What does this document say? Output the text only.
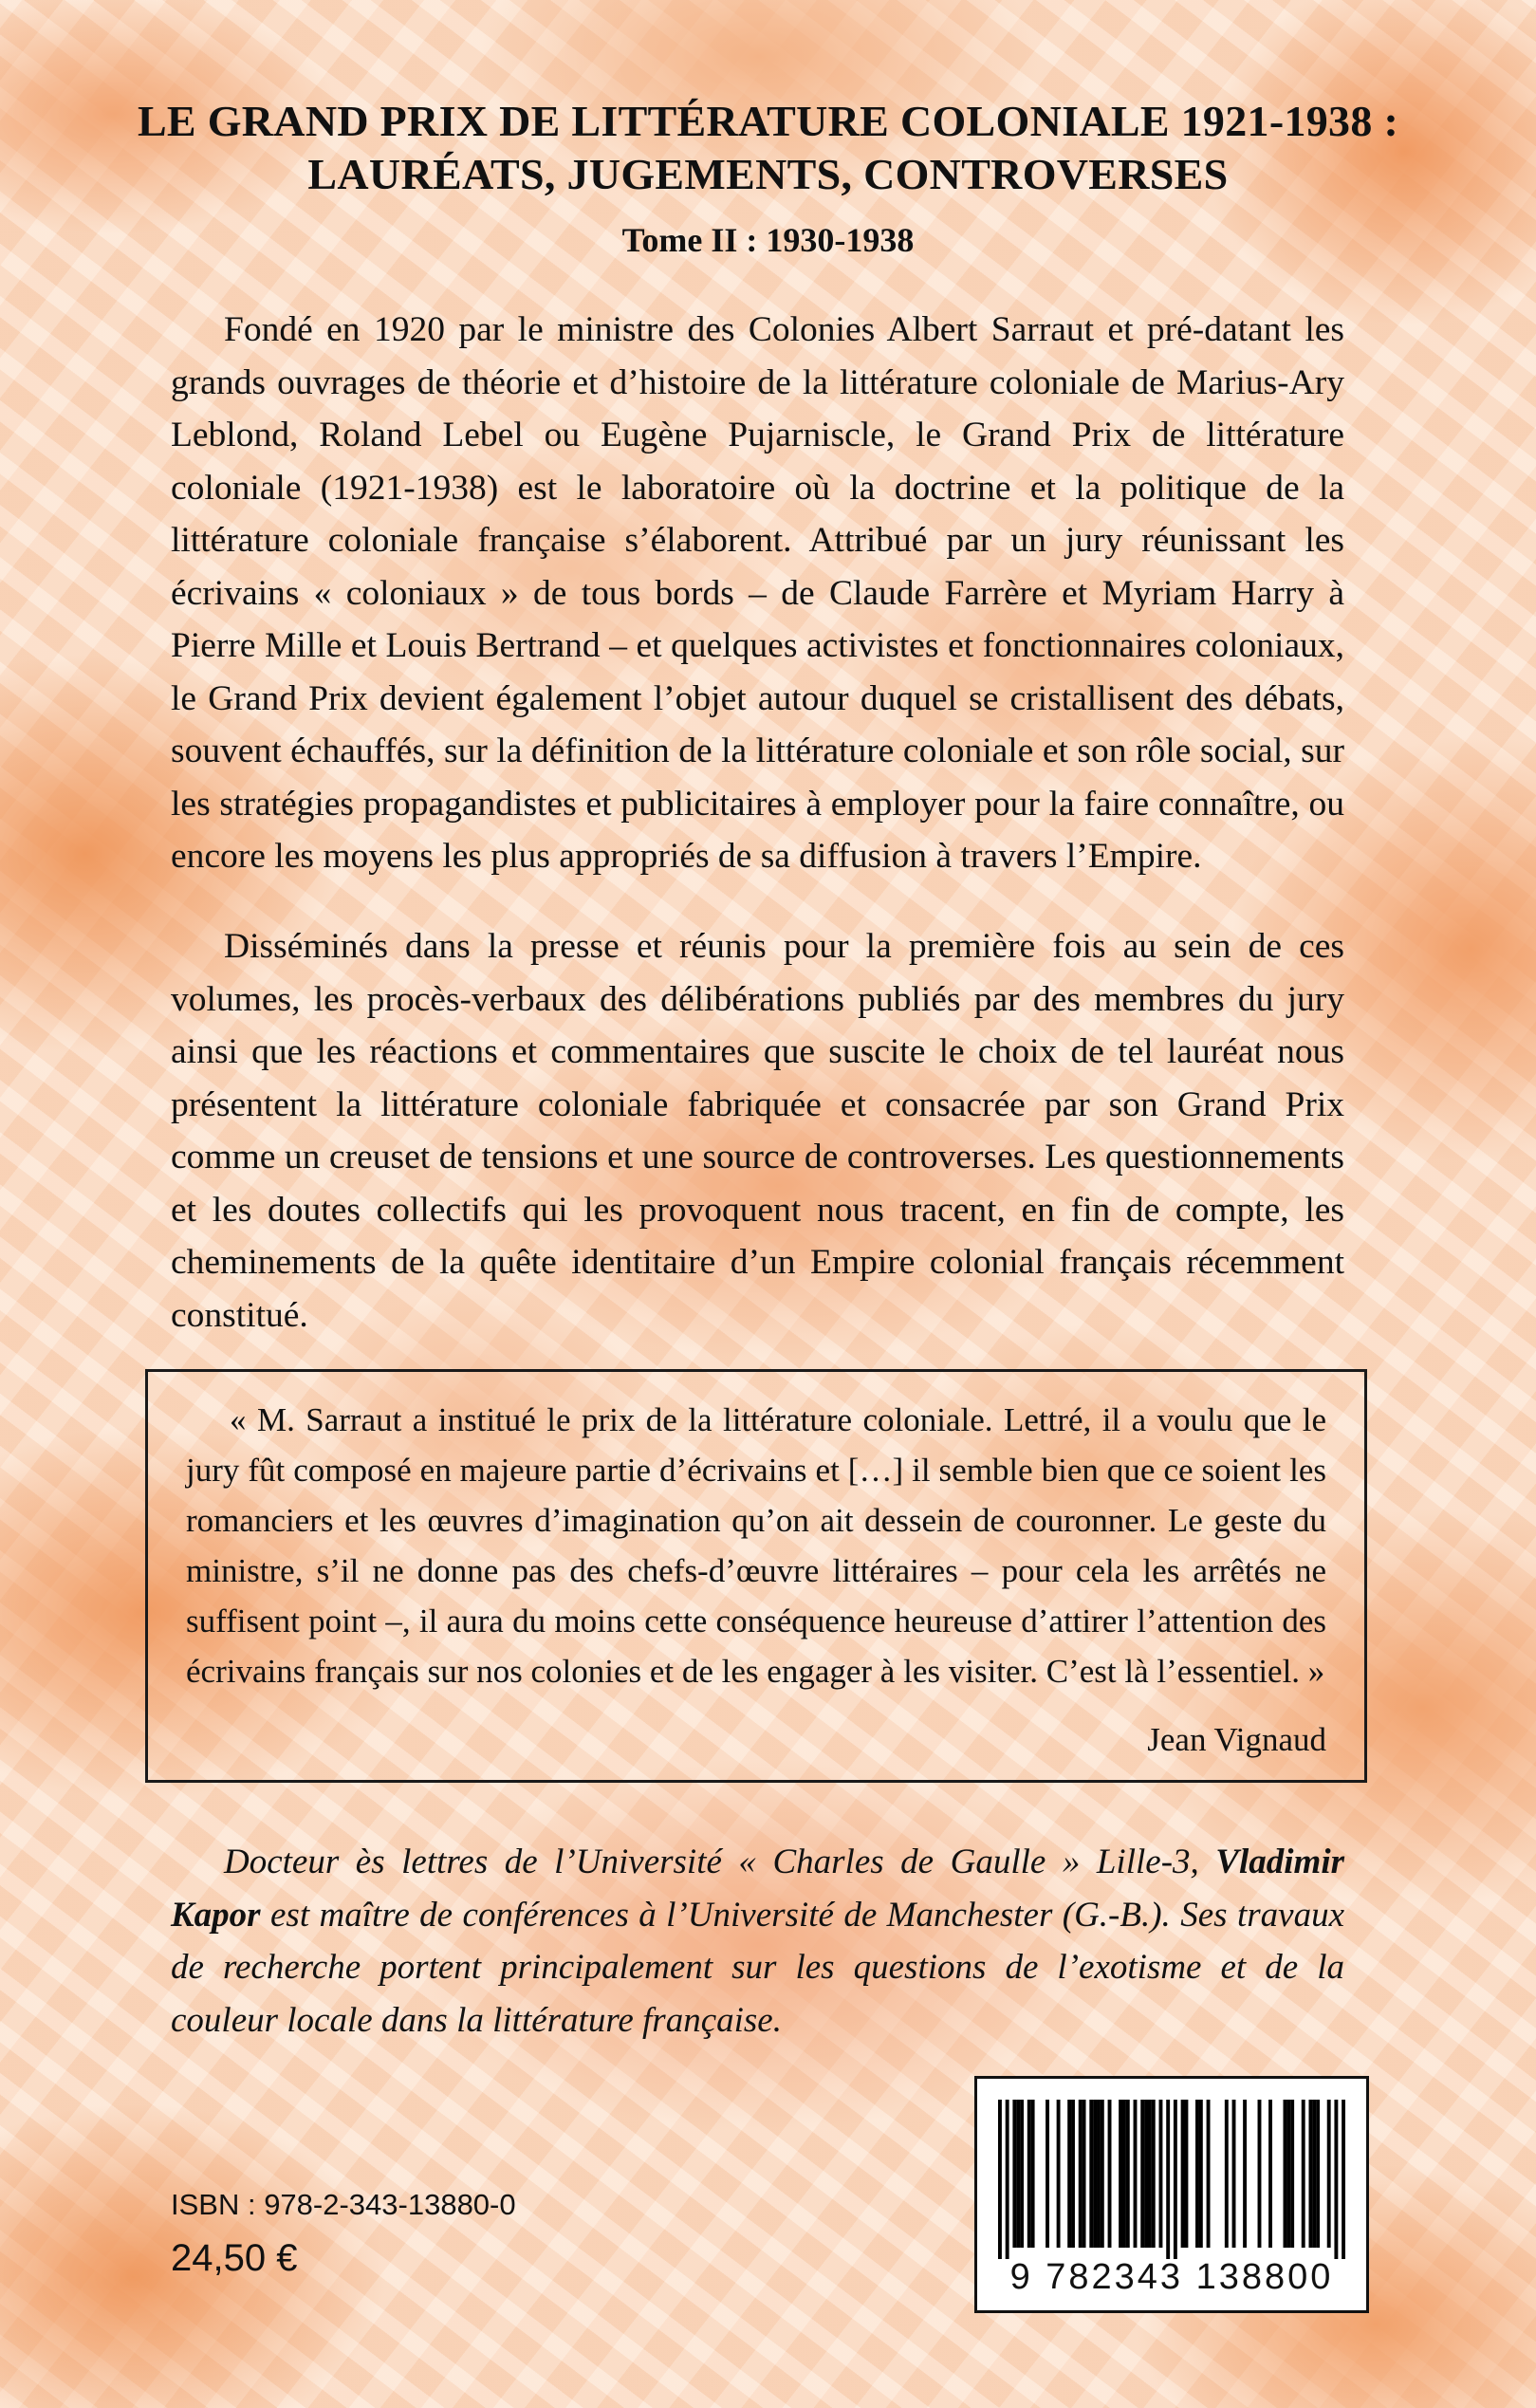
LE GRAND PRIX DE LITTÉRATURE COLONIALE 1921-1938 :
LAURÉATS, JUGEMENTS, CONTROVERSES
Tome II : 1930-1938

Fondé en 1920 par le ministre des Colonies Albert Sarraut et pré-datant les grands ouvrages de théorie et d’histoire de la littérature coloniale de Marius-Ary Leblond, Roland Lebel ou Eugène Pujarniscle, le Grand Prix de littérature coloniale (1921-1938) est le laboratoire où la doctrine et la politique de la littérature coloniale française s’élaborent. Attribué par un jury réunissant les écrivains « coloniaux » de tous bords – de Claude Farrère et Myriam Harry à Pierre Mille et Louis Bertrand – et quelques activistes et fonctionnaires coloniaux, le Grand Prix devient également l’objet autour duquel se cristallisent des débats, souvent échauffés, sur la définition de la littérature coloniale et son rôle social, sur les stratégies propagandistes et publicitaires à employer pour la faire connaître, ou encore les moyens les plus appropriés de sa diffusion à travers l’Empire.

Disséminés dans la presse et réunis pour la première fois au sein de ces volumes, les procès-verbaux des délibérations publiés par des membres du jury ainsi que les réactions et commentaires que suscite le choix de tel lauréat nous présentent la littérature coloniale fabriquée et consacrée par son Grand Prix comme un creuset de tensions et une source de controverses. Les questionnements et les doutes collectifs qui les provoquent nous tracent, en fin de compte, les cheminements de la quête identitaire d’un Empire colonial français récemment constitué.

« M. Sarraut a institué le prix de la littérature coloniale. Lettré, il a voulu que le jury fût composé en majeure partie d’écrivains et […] il semble bien que ce soient les romanciers et les œuvres d’imagination qu’on ait dessein de couronner. Le geste du ministre, s’il ne donne pas des chefs-d’œuvre littéraires – pour cela les arrêtés ne suffisent point –, il aura du moins cette conséquence heureuse d’attirer l’attention des écrivains français sur nos colonies et de les engager à les visiter. C’est là l’essentiel. »

Jean Vignaud

Docteur ès lettres de l’Université « Charles de Gaulle » Lille-3, Vladimir Kapor est maître de conférences à l’Université de Manchester (G.-B.). Ses travaux de recherche portent principalement sur les questions de l’exotisme et de la couleur locale dans la littérature française.

ISBN : 978-2-343-13880-0
24,50 €	9 782343 138800
